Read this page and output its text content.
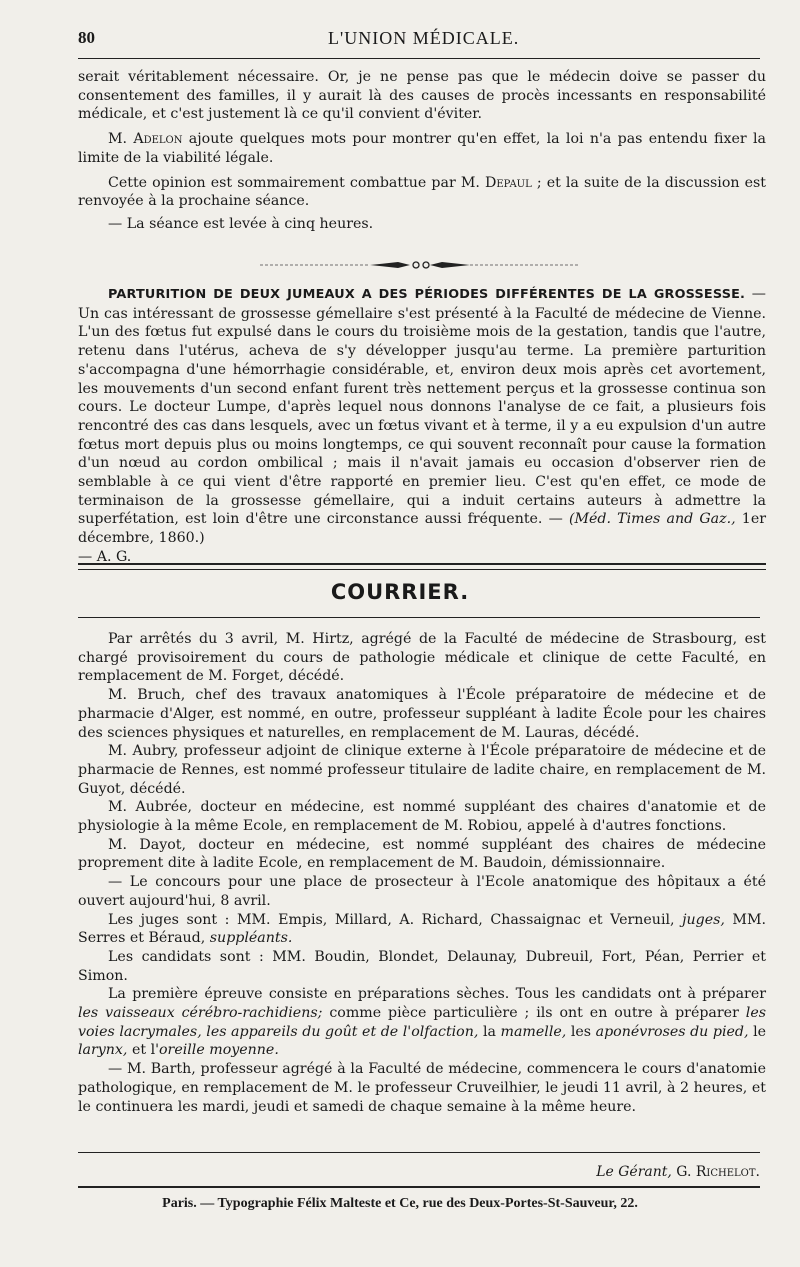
80	L'UNION MÉDICALE.

serait véritablement nécessaire. Or, je ne pense pas que le médecin doive se passer du consentement des familles, il y aurait là des causes de procès incessants en responsabilité médicale, et c'est justement là ce qu'il convient d'éviter.

M. Adelon ajoute quelques mots pour montrer qu'en effet, la loi n'a pas entendu fixer la limite de la viabilité légale.

Cette opinion est sommairement combattue par M. Depaul ; et la suite de la discussion est renvoyée à la prochaine séance.

— La séance est levée à cinq heures.

PARTURITION DE DEUX JUMEAUX A DES PÉRIODES DIFFÉRENTES DE LA GROSSESSE. — Un cas intéressant de grossesse gémellaire s'est présenté à la Faculté de médecine de Vienne. L'un des fœtus fut expulsé dans le cours du troisième mois de la gestation, tandis que l'autre, retenu dans l'utérus, acheva de s'y développer jusqu'au terme. La première parturition s'accompagna d'une hémorrhagie considérable, et, environ deux mois après cet avortement, les mouvements d'un second enfant furent très nettement perçus et la grossesse continua son cours. Le docteur Lumpe, d'après lequel nous donnons l'analyse de ce fait, a plusieurs fois rencontré des cas dans lesquels, avec un fœtus vivant et à terme, il y a eu expulsion d'un autre fœtus mort depuis plus ou moins longtemps, ce qui souvent reconnaît pour cause la formation d'un nœud au cordon ombilical ; mais il n'avait jamais eu occasion d'observer rien de semblable à ce qui vient d'être rapporté en premier lieu. C'est qu'en effet, ce mode de terminaison de la grossesse gémellaire, qui a induit certains auteurs à admettre la superfétation, est loin d'être une circonstance aussi fréquente. — (Méd. Times and Gaz., 1er décembre, 1860.)

— A. G.

COURRIER.

Par arrêtés du 3 avril, M. Hirtz, agrégé de la Faculté de médecine de Strasbourg, est chargé provisoirement du cours de pathologie médicale et clinique de cette Faculté, en remplacement de M. Forget, décédé.

M. Bruch, chef des travaux anatomiques à l'École préparatoire de médecine et de pharmacie d'Alger, est nommé, en outre, professeur suppléant à ladite École pour les chaires des sciences physiques et naturelles, en remplacement de M. Lauras, décédé.

M. Aubry, professeur adjoint de clinique externe à l'École préparatoire de médecine et de pharmacie de Rennes, est nommé professeur titulaire de ladite chaire, en remplacement de M. Guyot, décédé.

M. Aubrée, docteur en médecine, est nommé suppléant des chaires d'anatomie et de physiologie à la même Ecole, en remplacement de M. Robiou, appelé à d'autres fonctions.

M. Dayot, docteur en médecine, est nommé suppléant des chaires de médecine proprement dite à ladite Ecole, en remplacement de M. Baudoin, démissionnaire.

— Le concours pour une place de prosecteur à l'Ecole anatomique des hôpitaux a été ouvert aujourd'hui, 8 avril.

Les juges sont : MM. Empis, Millard, A. Richard, Chassaignac et Verneuil, juges, MM. Serres et Béraud, suppléants.

Les candidats sont : MM. Boudin, Blondet, Delaunay, Dubreuil, Fort, Péan, Perrier et Simon.

La première épreuve consiste en préparations sèches. Tous les candidats ont à préparer les vaisseaux cérébro-rachidiens; comme pièce particulière ; ils ont en outre à préparer les voies lacrymales, les appareils du goût et de l'olfaction, la mamelle, les aponévroses du pied, le larynx, et l'oreille moyenne.

— M. Barth, professeur agrégé à la Faculté de médecine, commencera le cours d'anatomie pathologique, en remplacement de M. le professeur Cruveilhier, le jeudi 11 avril, à 2 heures, et le continuera les mardi, jeudi et samedi de chaque semaine à la même heure.

Le Gérant, G. Richelot.
Paris. — Typographie Félix Malteste et Ce, rue des Deux-Portes-St-Sauveur, 22.
